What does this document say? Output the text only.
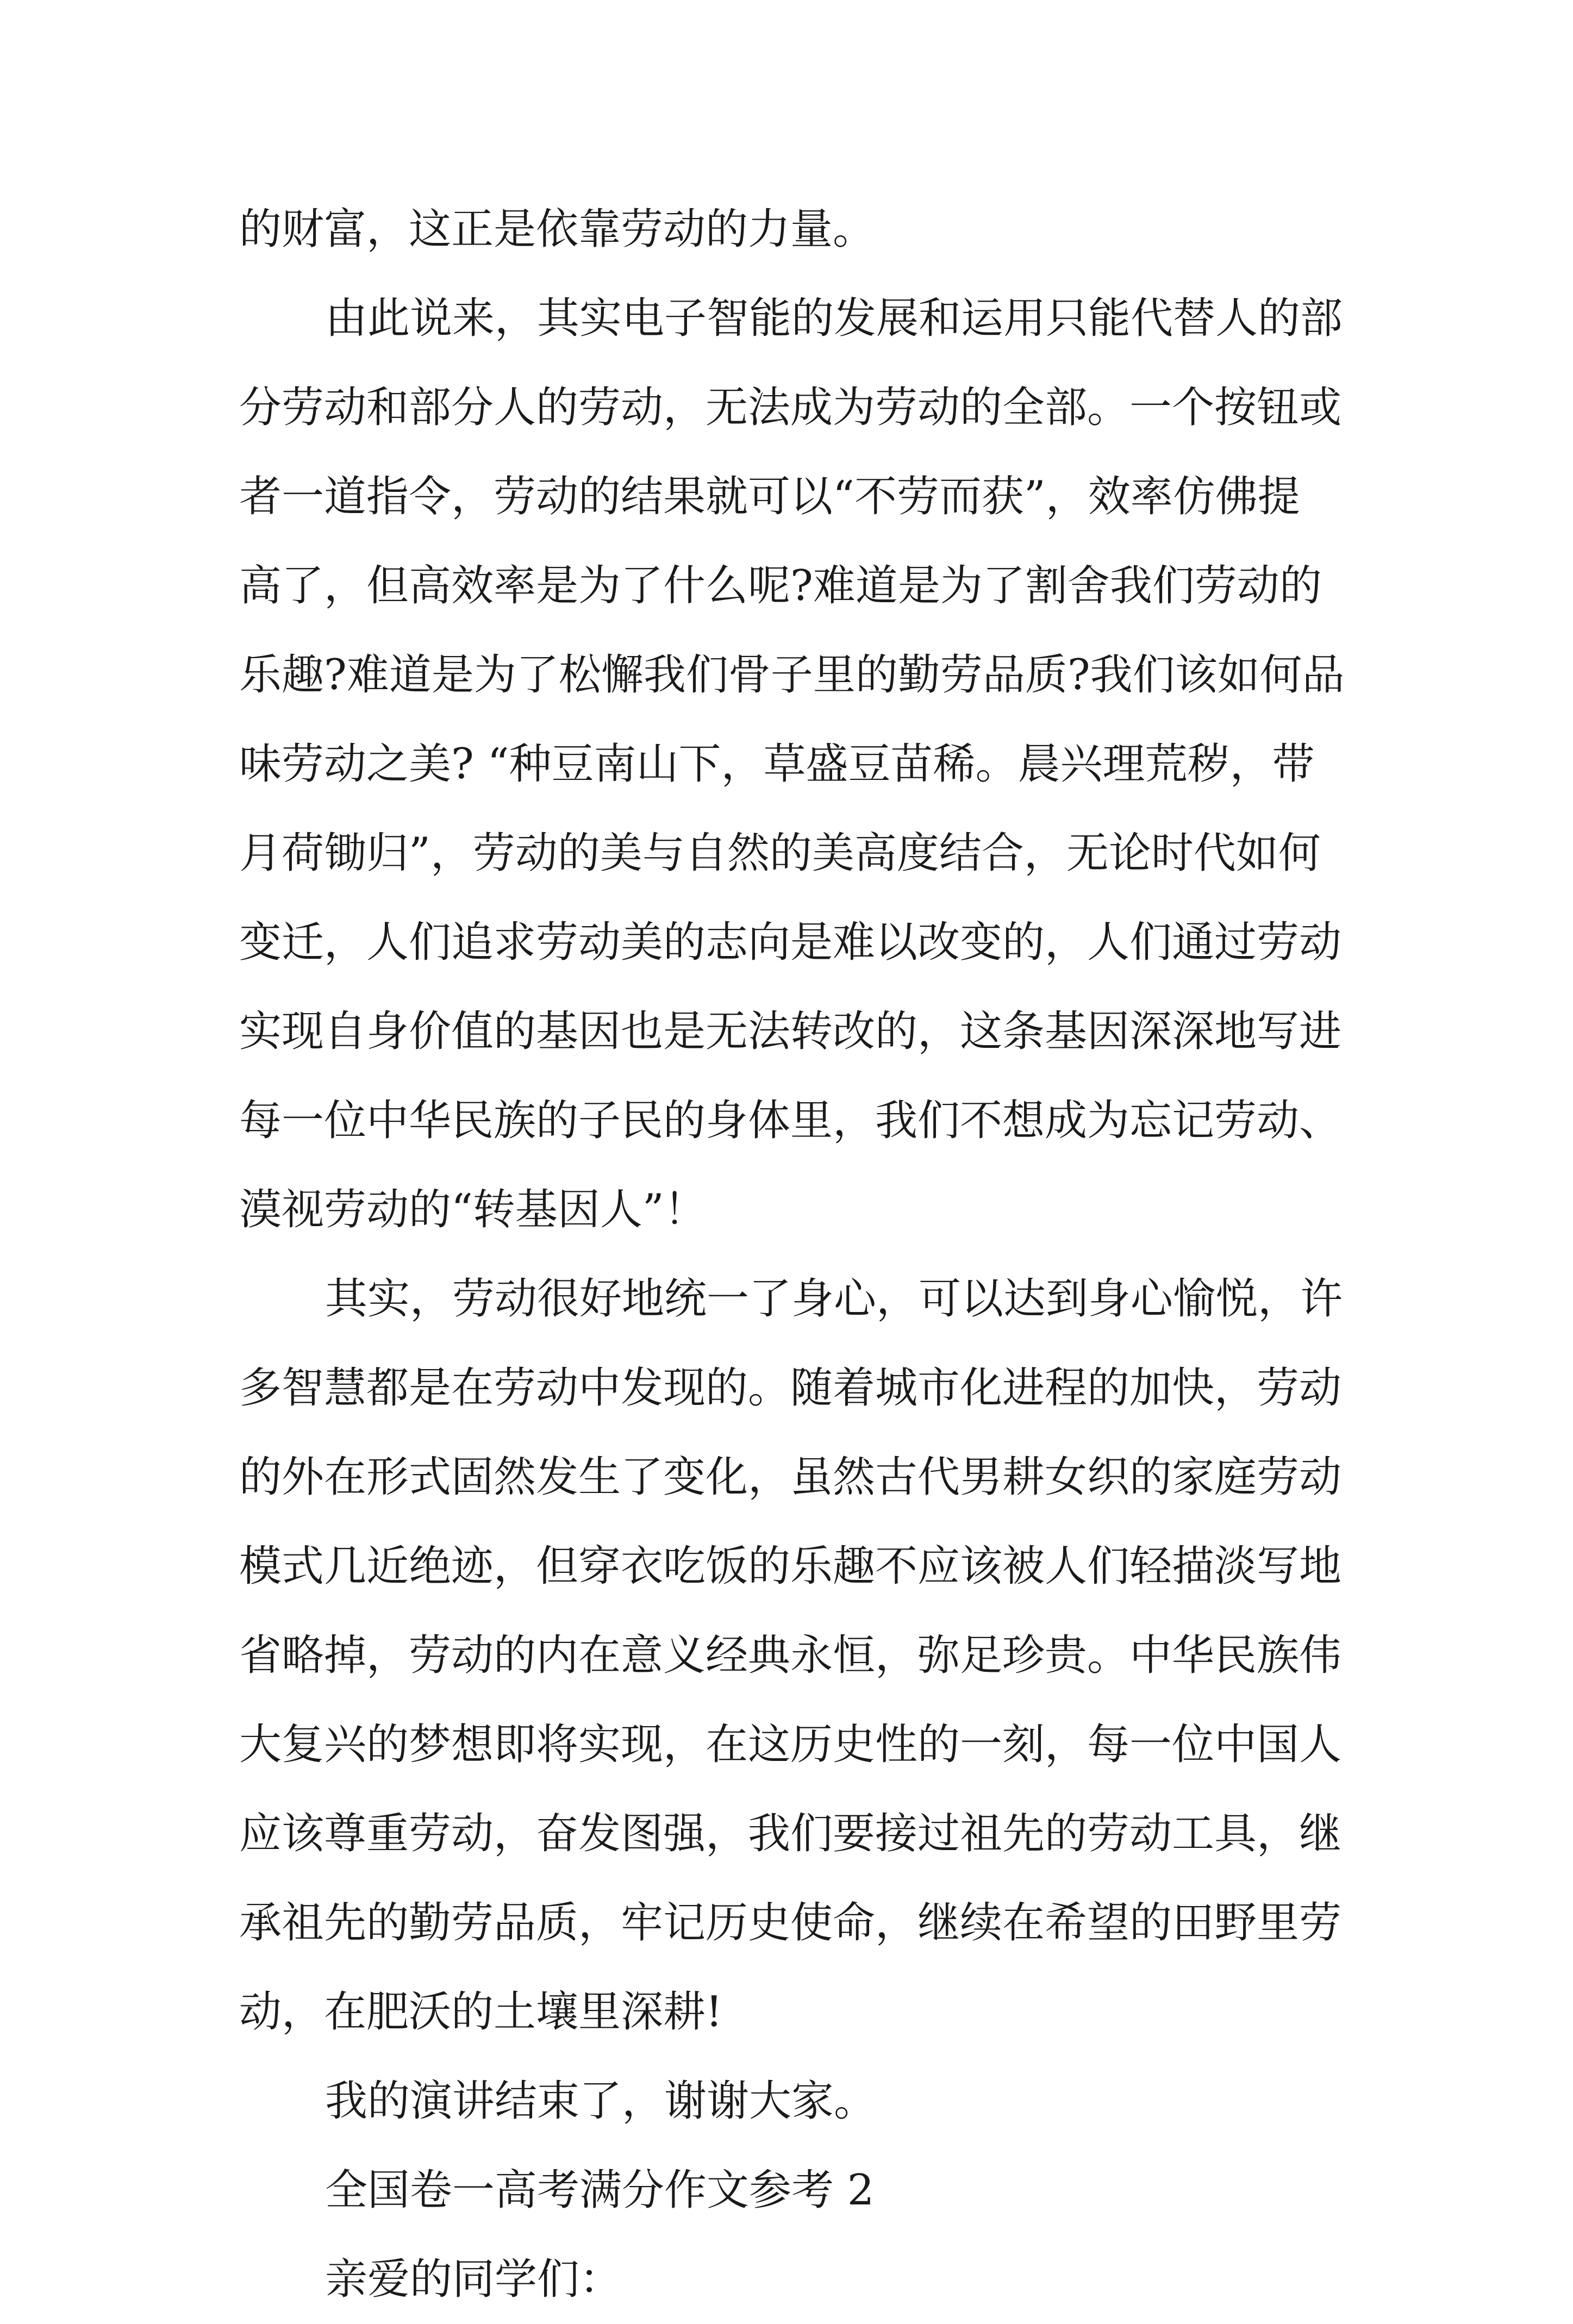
的财富，这正是依靠劳动的力量。
由此说来，其实电子智能的发展和运用只能代替人的部
分劳动和部分人的劳动，无法成为劳动的全部。一个按钮或
者一道指令，劳动的结果就可以“不劳而获”，效率仿佛提
高了，但高效率是为了什么呢?难道是为了割舍我们劳动的
乐趣?难道是为了松懈我们骨子里的勤劳品质?我们该如何品
味劳动之美? “种豆南山下，草盛豆苗稀。晨兴理荒秽，带
月荷锄归”，劳动的美与自然的美高度结合，无论时代如何
变迁，人们追求劳动美的志向是难以改变的，人们通过劳动
实现自身价值的基因也是无法转改的，这条基因深深地写进
每一位中华民族的子民的身体里，我们不想成为忘记劳动、
漠视劳动的“转基因人”！
其实，劳动很好地统一了身心，可以达到身心愉悦，许
多智慧都是在劳动中发现的。随着城市化进程的加快，劳动
的外在形式固然发生了变化，虽然古代男耕女织的家庭劳动
模式几近绝迹，但穿衣吃饭的乐趣不应该被人们轻描淡写地
省略掉，劳动的内在意义经典永恒，弥足珍贵。中华民族伟
大复兴的梦想即将实现，在这历史性的一刻，每一位中国人
应该尊重劳动，奋发图强，我们要接过祖先的劳动工具，继
承祖先的勤劳品质，牢记历史使命，继续在希望的田野里劳
动，在肥沃的土壤里深耕!
我的演讲结束了，谢谢大家。
全国卷一高考满分作文参考 2
亲爱的同学们：
